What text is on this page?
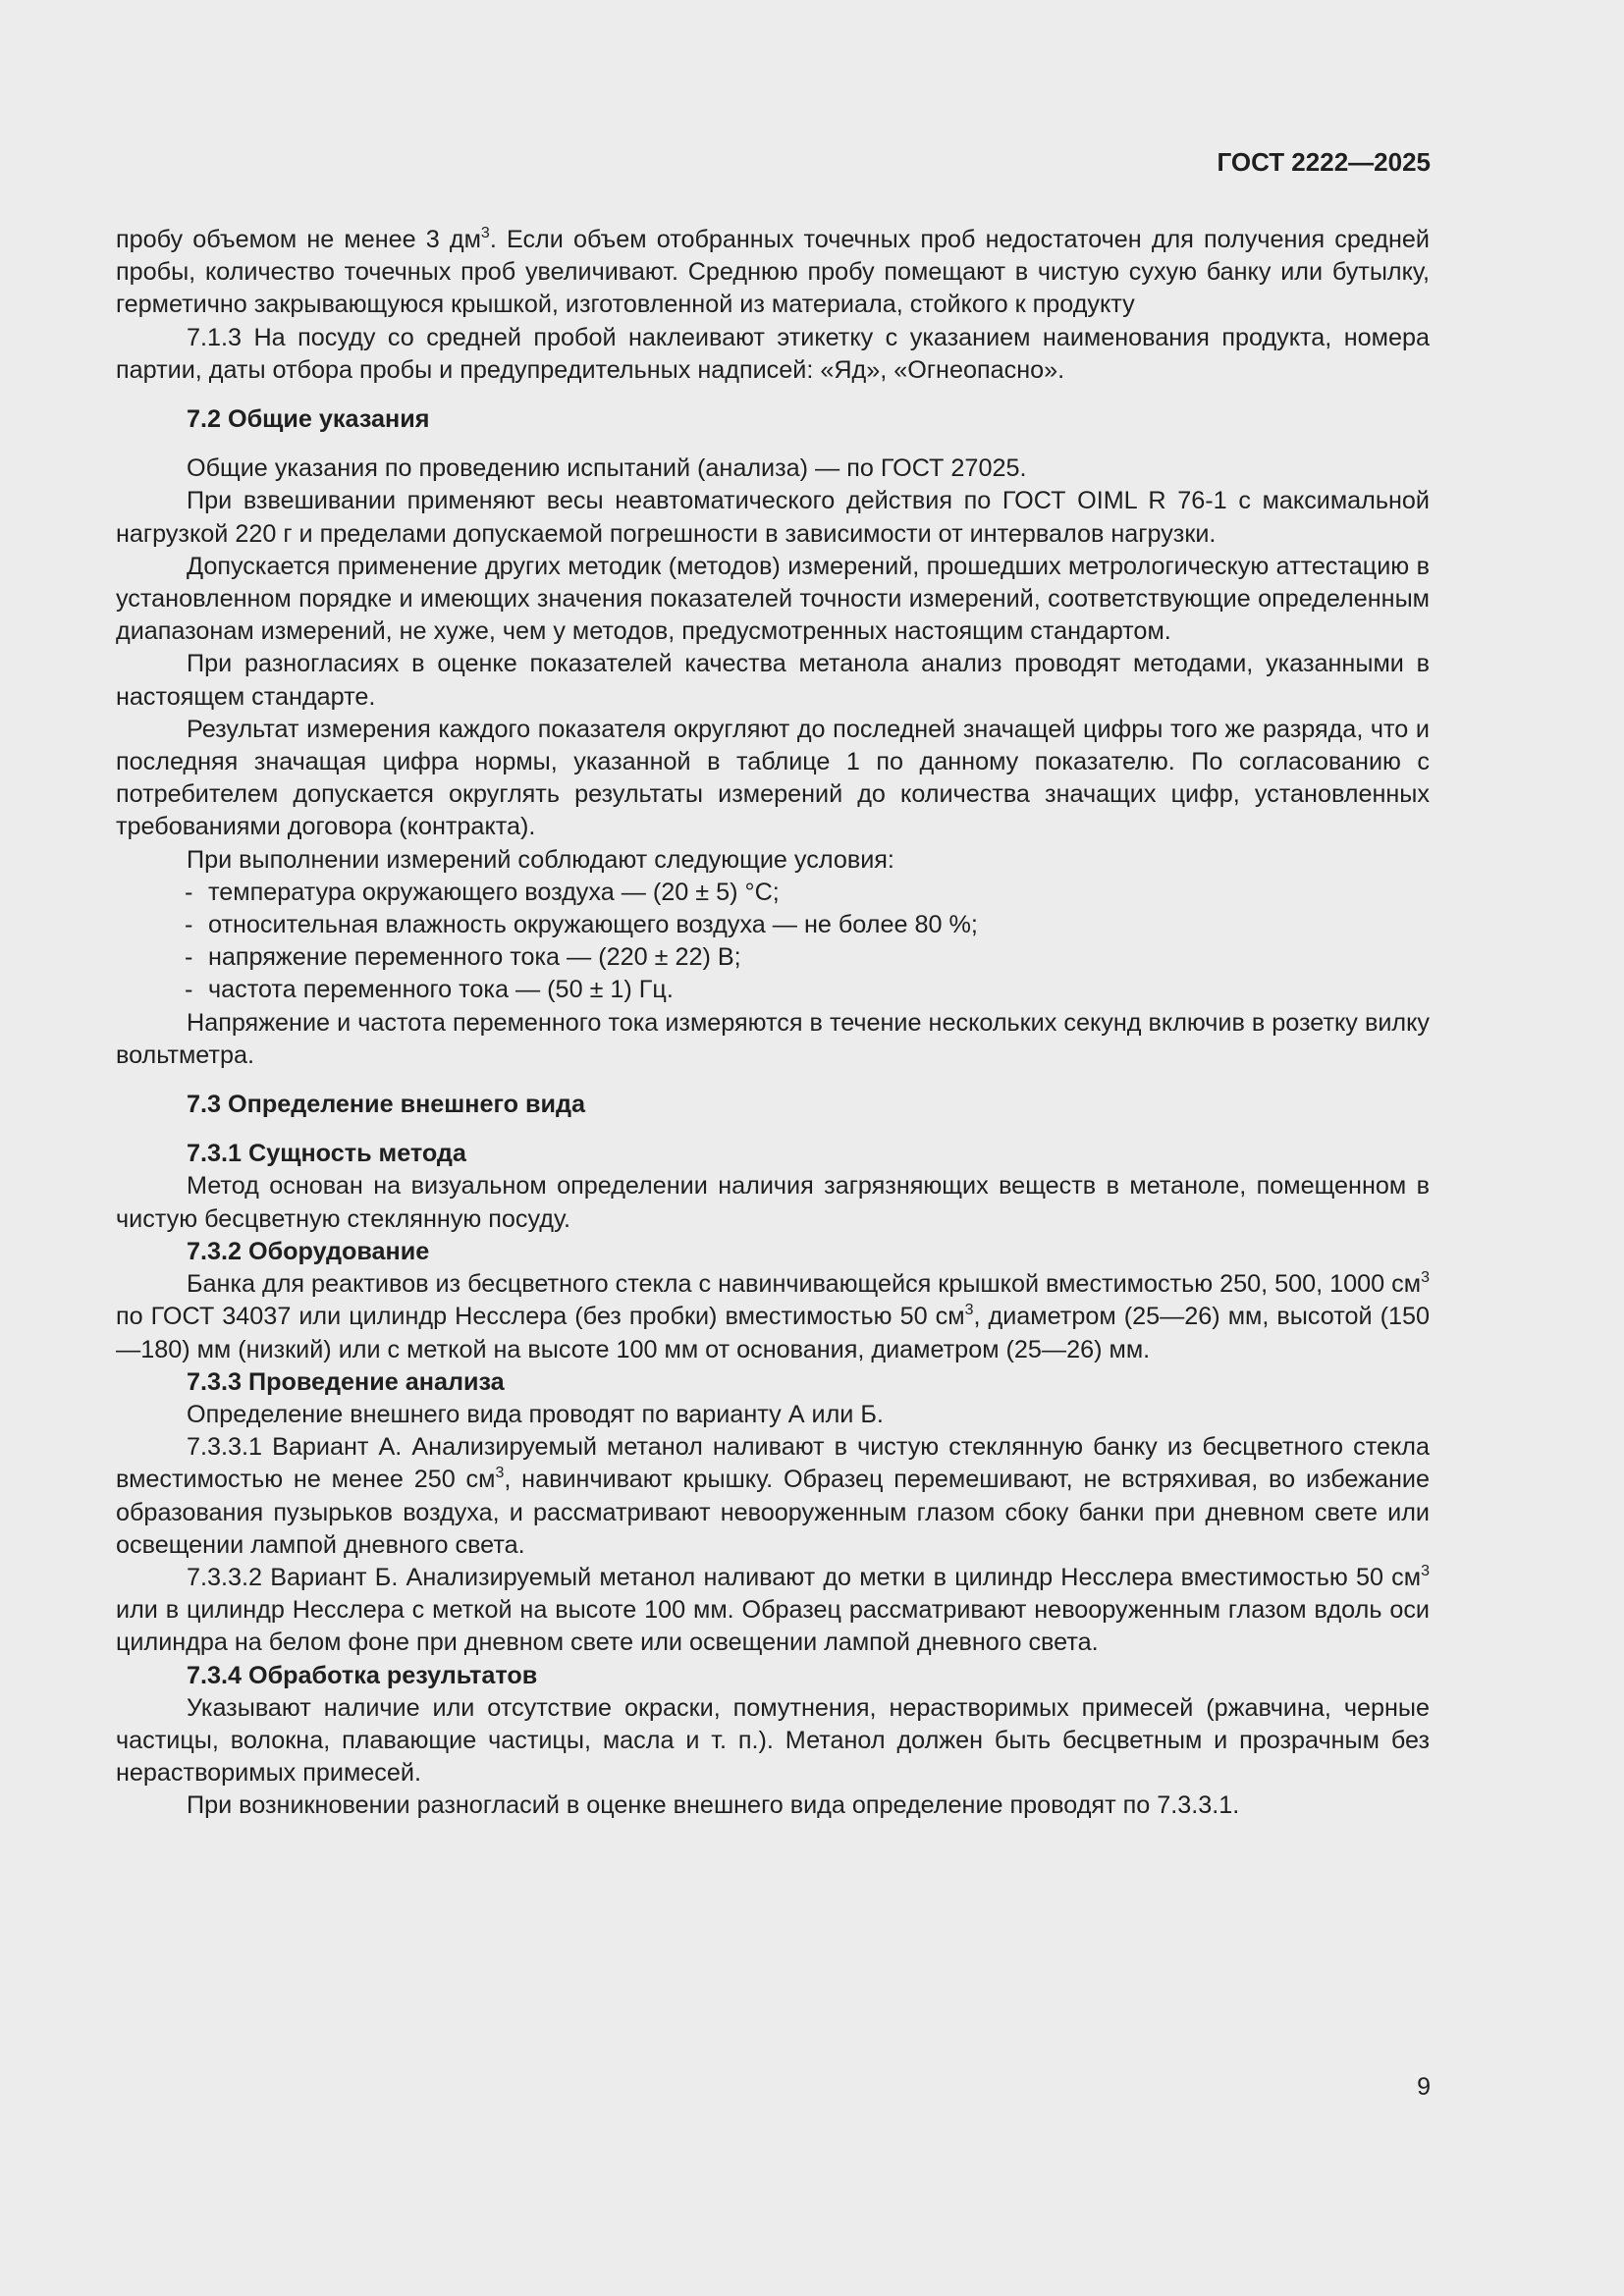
ГОСТ 2222—2025

пробу объемом не менее 3 $дм^3$. Если объем отобранных точечных проб недостаточен для получения средней пробы, количество точечных проб увеличивают. Среднюю пробу помещают в чистую сухую банку или бутылку, герметично закрывающуюся крышкой, изготовленной из материала, стойкого к продукту

7.1.3 На посуду со средней пробой наклеивают этикетку с указанием наименования продукта, номера партии, даты отбора пробы и предупредительных надписей: «Яд», «Огнеопасно».

7.2 Общие указания

Общие указания по проведению испытаний (анализа) — по ГОСТ 27025.

При взвешивании применяют весы неавтоматического действия по ГОСТ OIML R 76-1 с максимальной нагрузкой 220 г и пределами допускаемой погрешности в зависимости от интервалов нагрузки.

Допускается применение других методик (методов) измерений, прошедших метрологическую аттестацию в установленном порядке и имеющих значения показателей точности измерений, соответствующие определенным диапазонам измерений, не хуже, чем у методов, предусмотренных настоящим стандартом.

При разногласиях в оценке показателей качества метанола анализ проводят методами, указанными в настоящем стандарте.

Результат измерения каждого показателя округляют до последней значащей цифры того же разряда, что и последняя значащая цифра нормы, указанной в таблице 1 по данному показателю. По согласованию с потребителем допускается округлять результаты измерений до количества значащих цифр, установленных требованиями договора (контракта).

При выполнении измерений соблюдают следующие условия:

- температура окружающего воздуха — (20 ± 5) °C;

- относительная влажность окружающего воздуха — не более 80 %;

- напряжение переменного тока — (220 ± 22) В;

- частота переменного тока — (50 ± 1) Гц.

Напряжение и частота переменного тока измеряются в течение нескольких секунд включив в розетку вилку вольтметра.

7.3 Определение внешнего вида

7.3.1 Сущность метода

Метод основан на визуальном определении наличия загрязняющих веществ в метаноле, помещенном в чистую бесцветную стеклянную посуду.

7.3.2 Оборудование

Банка для реактивов из бесцветного стекла с навинчивающейся крышкой вместимостью 250, 500, 1000 $см^3$ по ГОСТ 34037 или цилиндр Несслера (без пробки) вместимостью 50 $см^3$, диаметром (25—26) мм, высотой (150—180) мм (низкий) или с меткой на высоте 100 мм от основания, диаметром (25—26) мм.

7.3.3 Проведение анализа

Определение внешнего вида проводят по варианту А или Б.

7.3.3.1 Вариант А. Анализируемый метанол наливают в чистую стеклянную банку из бесцветного стекла вместимостью не менее 250 $см^3$, навинчивают крышку. Образец перемешивают, не встряхивая, во избежание образования пузырьков воздуха, и рассматривают невооруженным глазом сбоку банки при дневном свете или освещении лампой дневного света.

7.3.3.2 Вариант Б. Анализируемый метанол наливают до метки в цилиндр Несслера вместимостью 50 $см^3$ или в цилиндр Несслера с меткой на высоте 100 мм. Образец рассматривают невооруженным глазом вдоль оси цилиндра на белом фоне при дневном свете или освещении лампой дневного света.

7.3.4 Обработка результатов

Указывают наличие или отсутствие окраски, помутнения, нерастворимых примесей (ржавчина, черные частицы, волокна, плавающие частицы, масла и т. п.). Метанол должен быть бесцветным и прозрачным без нерастворимых примесей.

При возникновении разногласий в оценке внешнего вида определение проводят по 7.3.3.1.

9
